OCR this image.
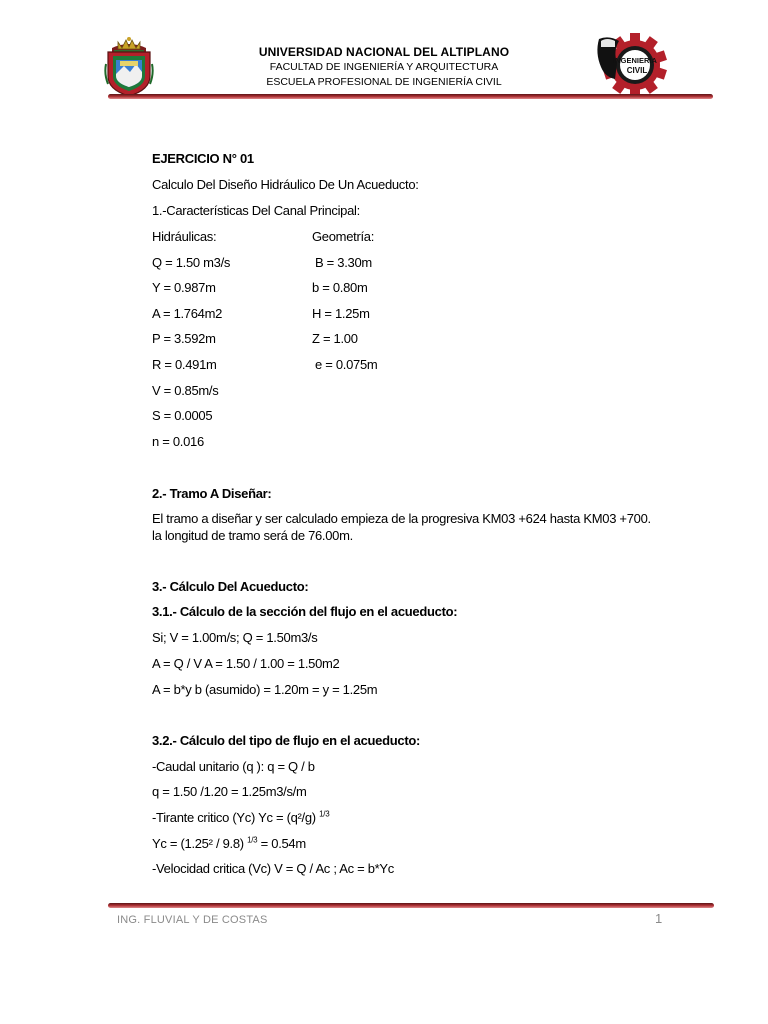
UNIVERSIDAD NACIONAL DEL ALTIPLANO
FACULTAD DE INGENIERÍA Y ARQUITECTURA
ESCUELA PROFESIONAL DE INGENIERÍA CIVIL
INGENIERÍA
CIVIL
EJERCICIO N° 01
Calculo Del Diseño Hidráulico De Un Acueducto:
1.-Características Del Canal Principal:
Hidráulicas:	Geometría:
Q = 1.50 m3/s	B = 3.30m
Y = 0.987m	b = 0.80m
A = 1.764m2	H = 1.25m
P = 3.592m	Z = 1.00
R = 0.491m	e = 0.075m
V = 0.85m/s
S = 0.0005
n = 0.016
2.- Tramo A Diseñar:
El tramo a diseñar y ser calculado empieza de la progresiva KM03 +624 hasta KM03 +700.
la longitud de tramo será de 76.00m.
3.- Cálculo Del Acueducto:
3.1.- Cálculo de la sección del flujo en el acueducto:
Si; V = 1.00m/s; Q = 1.50m3/s
A = Q / V A = 1.50 / 1.00 = 1.50m2
A = b*y b (asumido) = 1.20m = y = 1.25m
3.2.- Cálculo del tipo de flujo en el acueducto:
-Caudal unitario (q ): q = Q / b
q = 1.50 /1.20 = 1.25m3/s/m
-Tirante critico (Yc) Yc = (q²/g) $^{1/3}$
Yc = (1.25² / 9.8) $^{1/3}$ = 0.54m
-Velocidad critica (Vc) V = Q / Ac ; Ac = b*Yc
ING. FLUVIAL Y DE COSTAS	1
